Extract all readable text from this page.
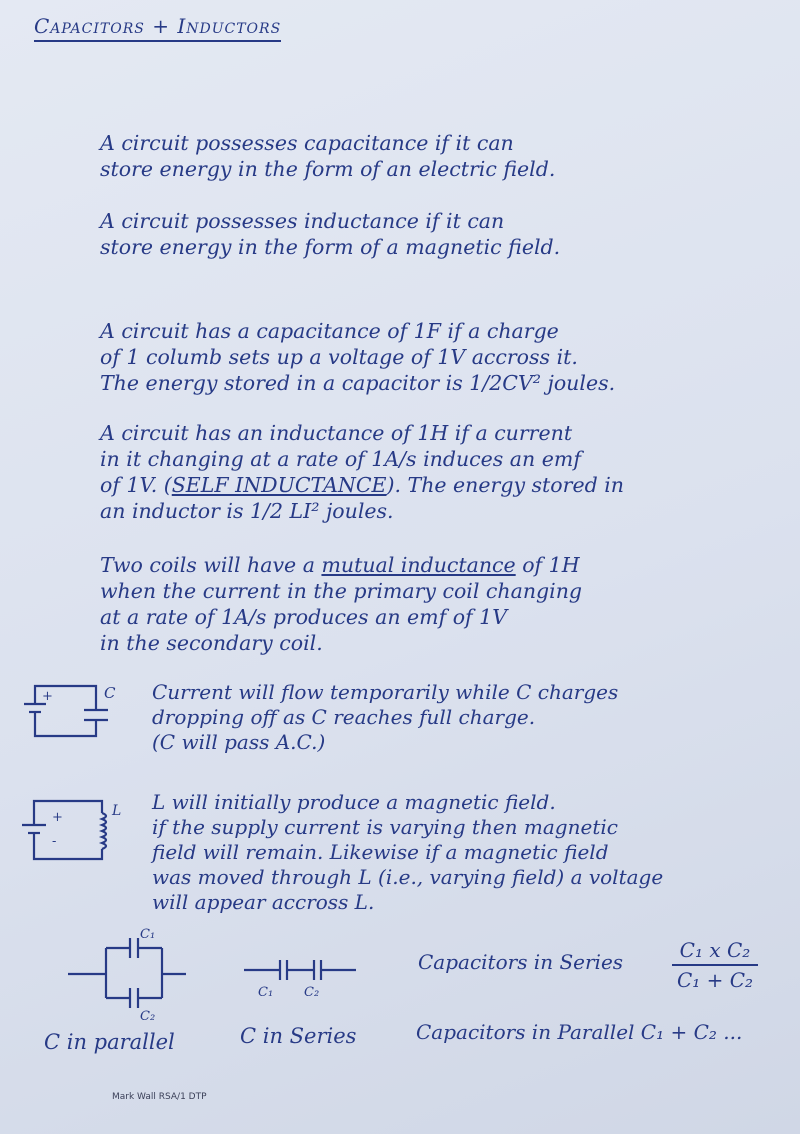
Capacitors + Inductors
A circuit possesses capacitance if it can
store energy in the form of an electric field.
A circuit possesses inductance if it can
store energy in the form of a magnetic field.
A circuit has a capacitance of 1F if a charge
of 1 columb sets up a voltage of 1V accross it.
The energy stored in a capacitor is 1/2CV² joules.
A circuit has an inductance of 1H if a current
in it changing at a rate of 1A/s induces an emf
of 1V. (SELF INDUCTANCE). The energy stored in
an inductor is 1/2 LI² joules.
Two coils will have a mutual inductance of 1H
when the current in the primary coil changing
at a rate of 1A/s produces an emf of 1V
in the secondary coil.
+	C Current will flow temporarily while C charges
dropping off as C reaches full charge.
(C will pass A.C.)
+
-
L L will initially produce a magnetic field.
if the supply current is varying then magnetic
field will remain. Likewise if a magnetic field
was moved through L (i.e., varying field) a voltage
will appear accross L.
C₁
C₂
C₁ C₂
Capacitors in Series $\frac{\text{C₁ x C₂}}{\text{C₁ + C₂}}$
C in parallel	C in Series	Capacitors in Parallel C₁ + C₂ ...
Mark Wall RSA/1 DTP
